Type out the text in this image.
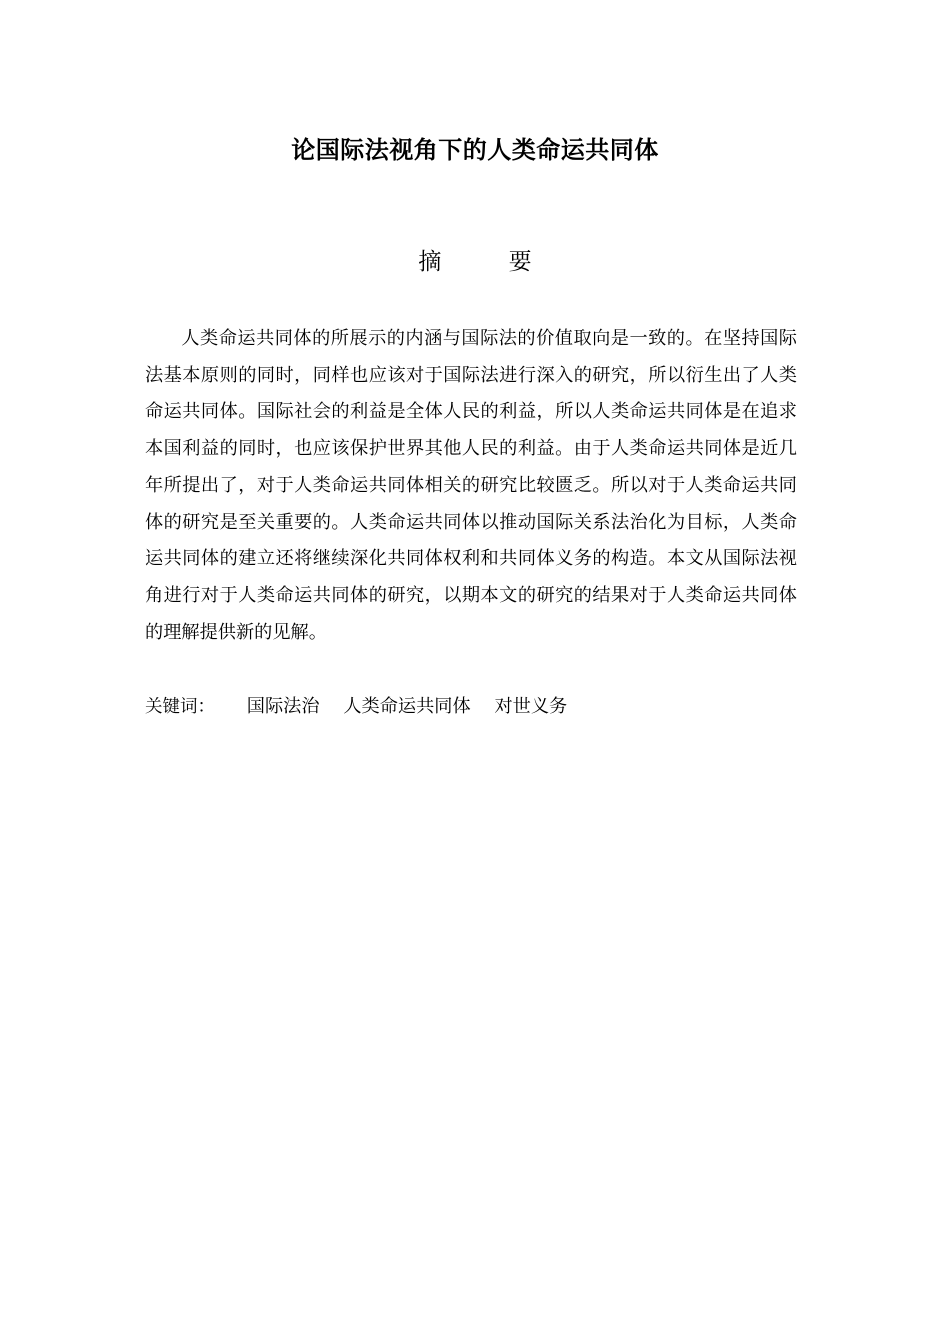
论国际法视角下的人类命运共同体
摘 要

人类命运共同体的所展示的内涵与国际法的价值取向是一致的。在坚持国际法基本原则的同时，同样也应该对于国际法进行深入的研究，所以衍生出了人类命运共同体。国际社会的利益是全体人民的利益，所以人类命运共同体是在追求本国利益的同时，也应该保护世界其他人民的利益。由于人类命运共同体是近几年所提出了，对于人类命运共同体相关的研究比较匮乏。所以对于人类命运共同体的研究是至关重要的。人类命运共同体以推动国际关系法治化为目标，人类命运共同体的建立还将继续深化共同体权利和共同体义务的构造。本文从国际法视角进行对于人类命运共同体的研究，以期本文的研究的结果对于人类命运共同体的理解提供新的见解。

关键词： 国际法治 人类命运共同体 对世义务
